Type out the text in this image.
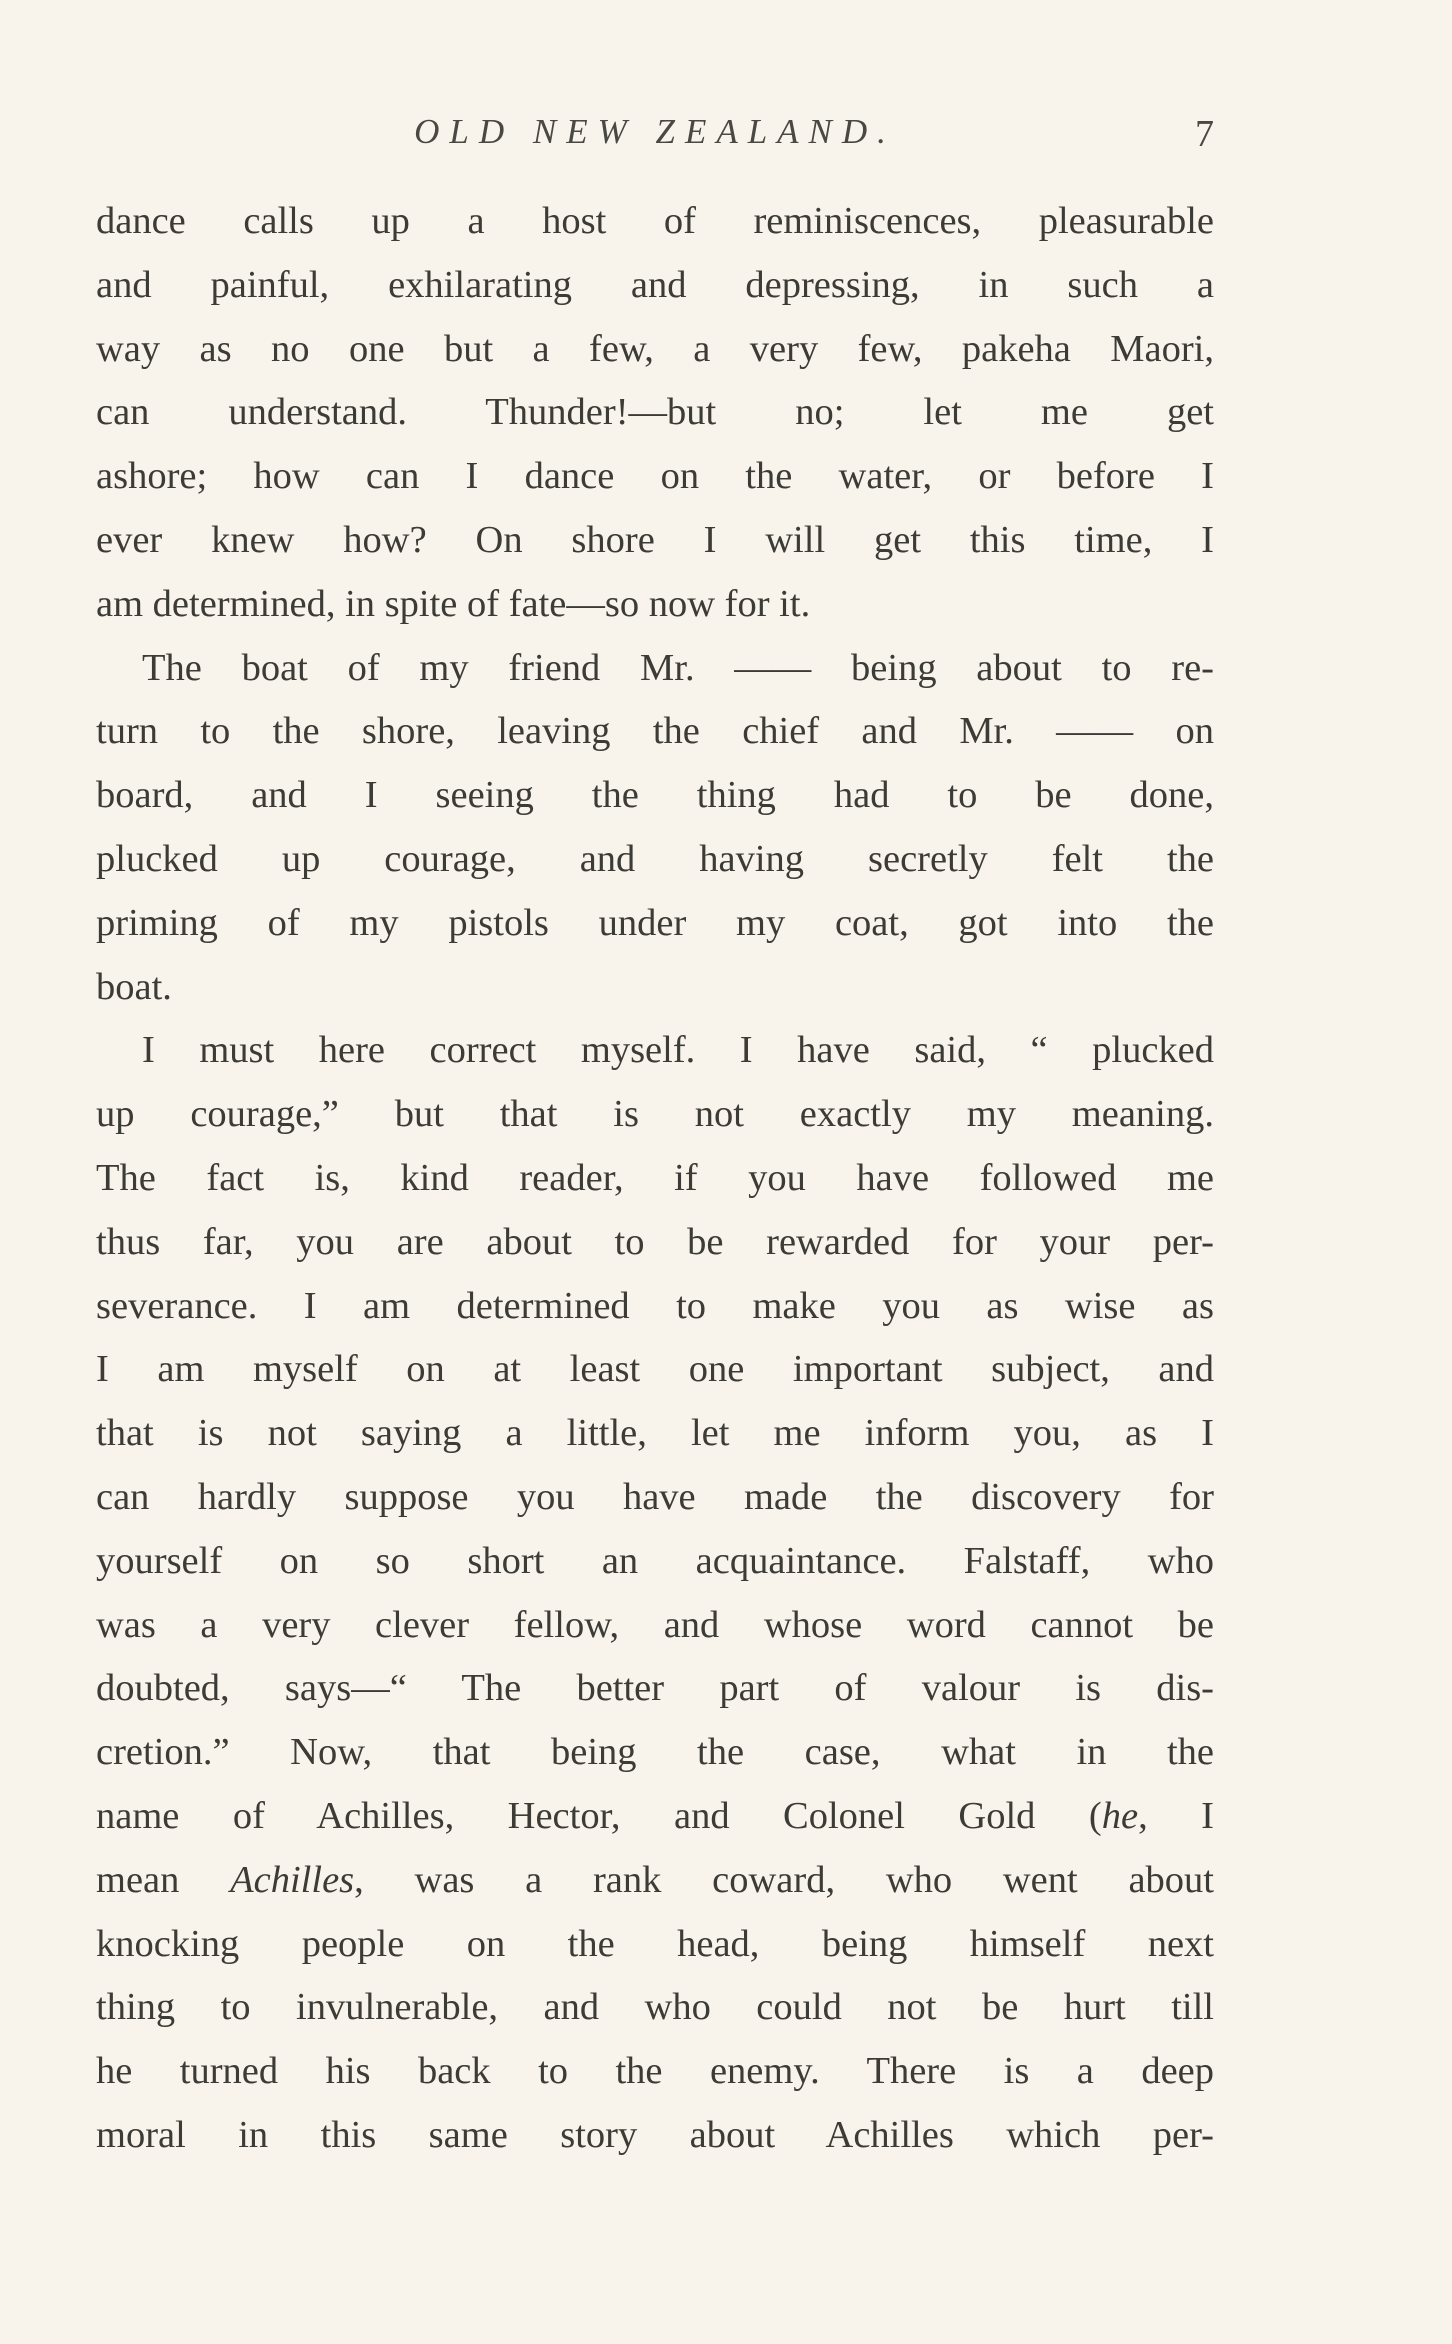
OLD NEW ZEALAND.	7
dance calls up a host of reminiscences, pleasurable
and painful, exhilarating and depressing, in such a
way as no one but a few, a very few, pakeha Maori,
can understand. Thunder!—but no; let me get
ashore; how can I dance on the water, or before I
ever knew how? On shore I will get this time, I
am determined, in spite of fate—so now for it.
The boat of my friend Mr. —— being about to re-
turn to the shore, leaving the chief and Mr. —— on
board, and I seeing the thing had to be done,
plucked up courage, and having secretly felt the
priming of my pistols under my coat, got into the
boat.
I must here correct myself. I have said, “ plucked
up courage,” but that is not exactly my meaning.
The fact is, kind reader, if you have followed me
thus far, you are about to be rewarded for your per-
severance. I am determined to make you as wise as
I am myself on at least one important subject, and
that is not saying a little, let me inform you, as I
can hardly suppose you have made the discovery for
yourself on so short an acquaintance. Falstaff, who
was a very clever fellow, and whose word cannot be
doubted, says—“ The better part of valour is dis-
cretion.” Now, that being the case, what in the
name of Achilles, Hector, and Colonel Gold (he, I
mean Achilles, was a rank coward, who went about
knocking people on the head, being himself next
thing to invulnerable, and who could not be hurt till
he turned his back to the enemy. There is a deep
moral in this same story about Achilles which per-
